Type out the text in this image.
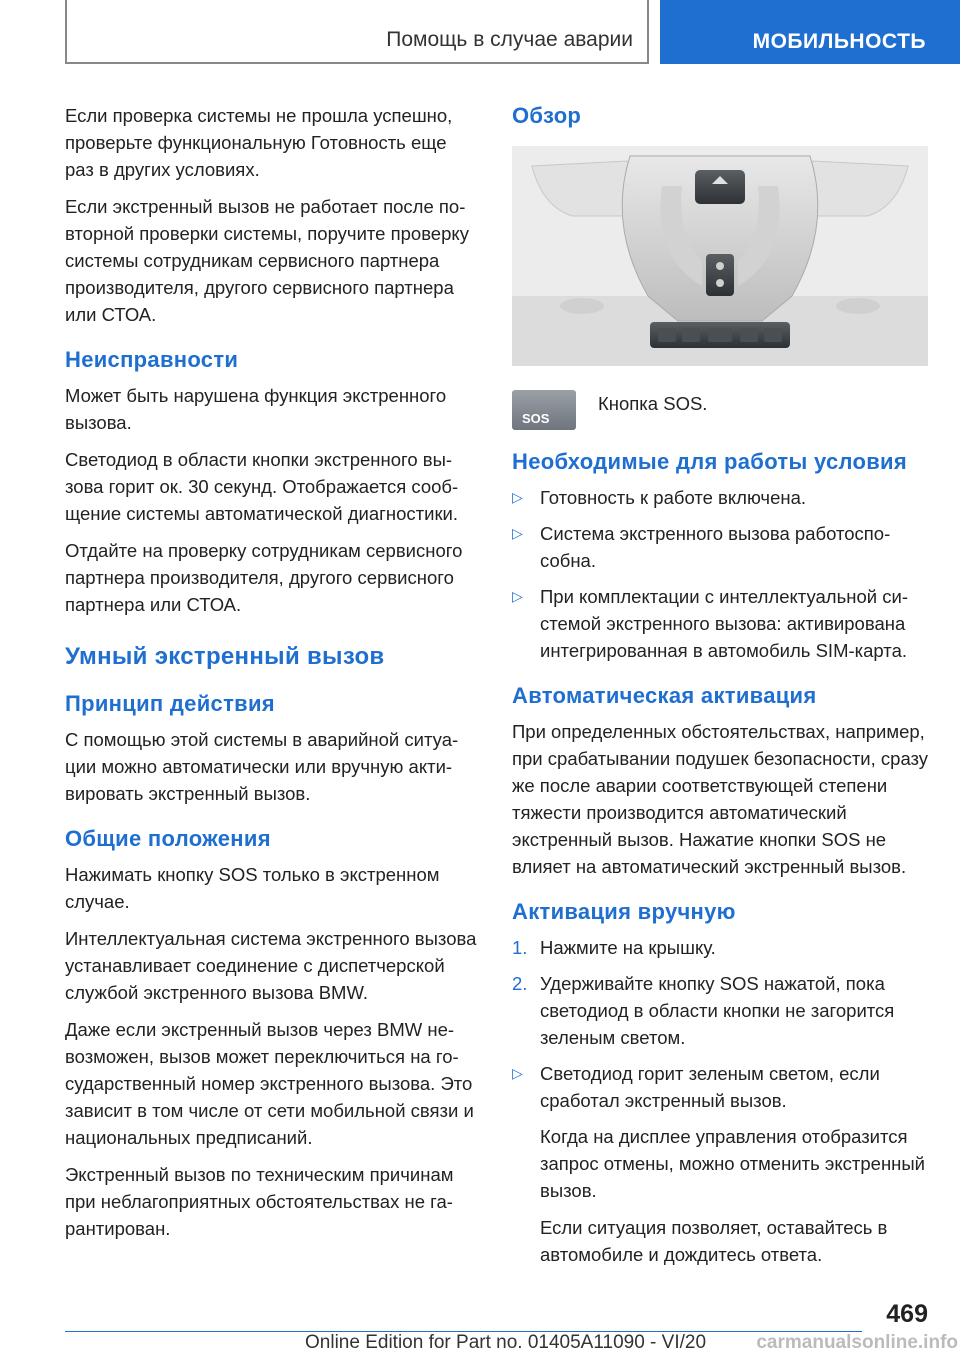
Помощь в случае аварии	МОБИЛЬНОСТЬ

Если проверка системы не прошла успешно, проверьте функциональную Готовность еще раз в других условиях.

Если экстренный вызов не работает после повторной проверки системы, поручите проверку системы сотрудникам сервисного партнера производителя, другого сервисного партнера или СТОА.

Неисправности

Может быть нарушена функция экстренного вызова.

Светодиод в области кнопки экстренного вызова горит ок. 30 секунд. Отображается сообщение системы автоматической диагностики.

Отдайте на проверку сотрудникам сервисного партнера производителя, другого сервисного партнера или СТОА.

Умный экстренный вызов
Принцип действия

С помощью этой системы в аварийной ситуации можно автоматически или вручную активировать экстренный вызов.

Общие положения

Нажимать кнопку SOS только в экстренном случае.

Интеллектуальная система экстренного вызова устанавливает соединение с диспетчерской службой экстренного вызова BMW.

Даже если экстренный вызов через BMW невозможен, вызов может переключиться на государственный номер экстренного вызова. Это зависит в том числе от сети мобильной связи и национальных предписаний.

Экстренный вызов по техническим причинам при неблагоприятных обстоятельствах не гарантирован.

Обзор
SOS

Кнопка SOS.

Необходимые для работы условия
▷ Готовность к работе включена.
▷ Система экстренного вызова работоспособна.
▷ При комплектации с интеллектуальной системой экстренного вызова: активирована интегрированная в автомобиль SIM-карта.
Автоматическая активация

При определенных обстоятельствах, например, при срабатывании подушек безопасности, сразу же после аварии соответствующей степени тяжести производится автоматический экстренный вызов. Нажатие кнопки SOS не влияет на автоматический экстренный вызов.

Активация вручную
1. Нажмите на крышку.
2. Удерживайте кнопку SOS нажатой, пока светодиод в области кнопки не загорится зеленым светом.
▷ Светодиод горит зеленым светом, если сработал экстренный вызов.

Когда на дисплее управления отобразится запрос отмены, можно отменить экстренный вызов.

Если ситуация позволяет, оставайтесь в автомобиле и дождитесь ответа.

469
Online Edition for Part no. 01405A11090 - VI/20	carmanualsonline.info
